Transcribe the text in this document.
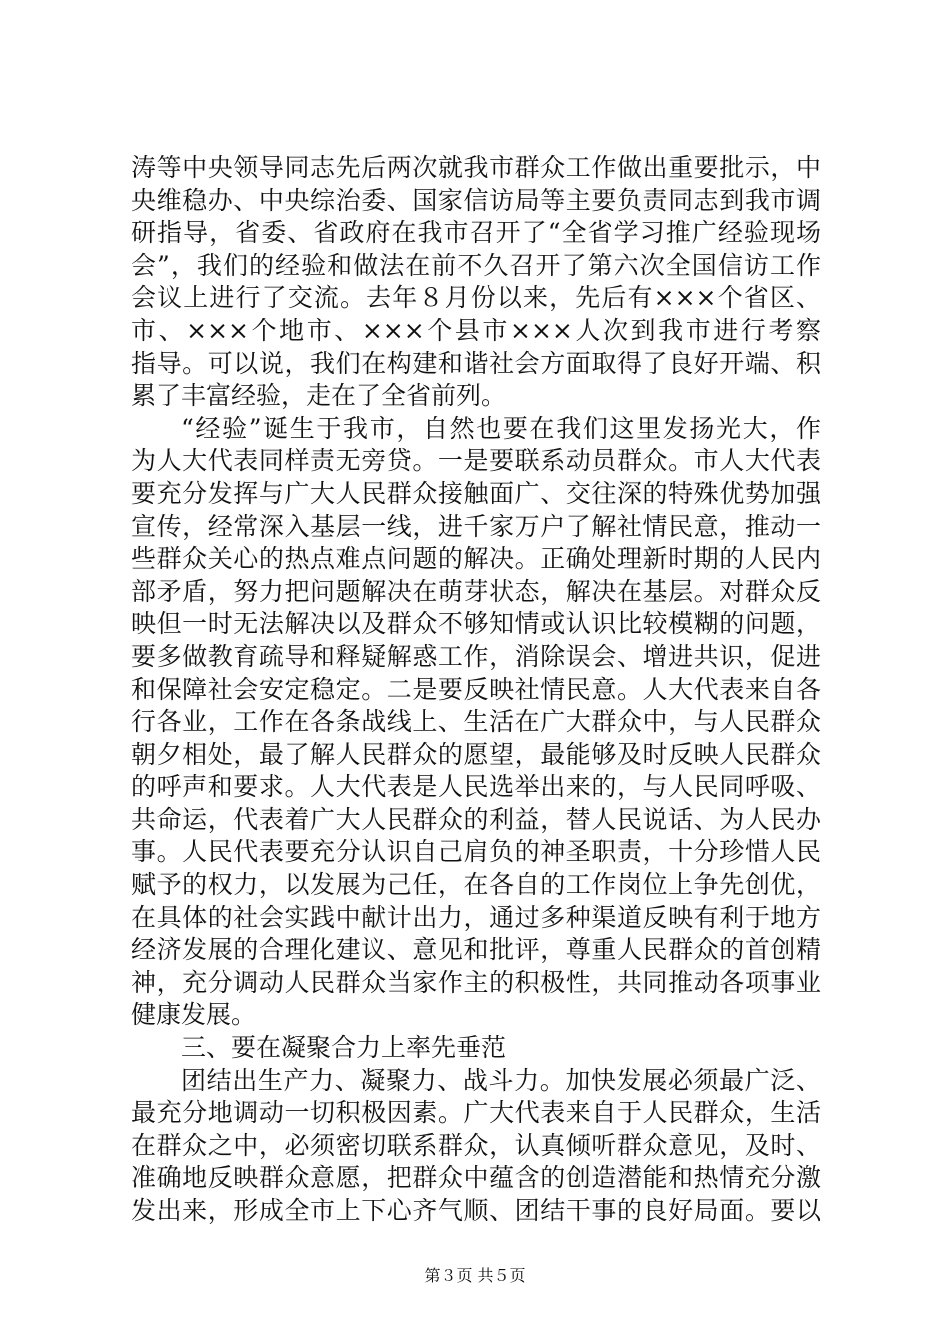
涛等中央领导同志先后两次就我市群众工作做出重要批示，中
央维稳办、中央综治委、国家信访局等主要负责同志到我市调
研指导，省委、省政府在我市召开了“全省学习推广经验现场
会”，我们的经验和做法在前不久召开了第六次全国信访工作
会议上进行了交流。去年８月份以来，先后有×××个省区、
市、×××个地市、×××个县市×××人次到我市进行考察
指导。可以说，我们在构建和谐社会方面取得了良好开端、积
累了丰富经验，走在了全省前列。
“经验”诞生于我市，自然也要在我们这里发扬光大，作
为人大代表同样责无旁贷。一是要联系动员群众。市人大代表
要充分发挥与广大人民群众接触面广、交往深的特殊优势加强
宣传，经常深入基层一线，进千家万户了解社情民意，推动一
些群众关心的热点难点问题的解决。正确处理新时期的人民内
部矛盾，努力把问题解决在萌芽状态，解决在基层。对群众反
映但一时无法解决以及群众不够知情或认识比较模糊的问题，
要多做教育疏导和释疑解惑工作，消除误会、增进共识，促进
和保障社会安定稳定。二是要反映社情民意。人大代表来自各
行各业，工作在各条战线上、生活在广大群众中，与人民群众
朝夕相处，最了解人民群众的愿望，最能够及时反映人民群众
的呼声和要求。人大代表是人民选举出来的，与人民同呼吸、
共命运，代表着广大人民群众的利益，替人民说话、为人民办
事。人民代表要充分认识自己肩负的神圣职责，十分珍惜人民
赋予的权力，以发展为己任，在各自的工作岗位上争先创优，
在具体的社会实践中献计出力，通过多种渠道反映有利于地方
经济发展的合理化建议、意见和批评，尊重人民群众的首创精
神，充分调动人民群众当家作主的积极性，共同推动各项事业
健康发展。
三、要在凝聚合力上率先垂范
团结出生产力、凝聚力、战斗力。加快发展必须最广泛、
最充分地调动一切积极因素。广大代表来自于人民群众，生活
在群众之中，必须密切联系群众，认真倾听群众意见，及时、
准确地反映群众意愿，把群众中蕴含的创造潜能和热情充分激
发出来，形成全市上下心齐气顺、团结干事的良好局面。要以
第３页 共５页
